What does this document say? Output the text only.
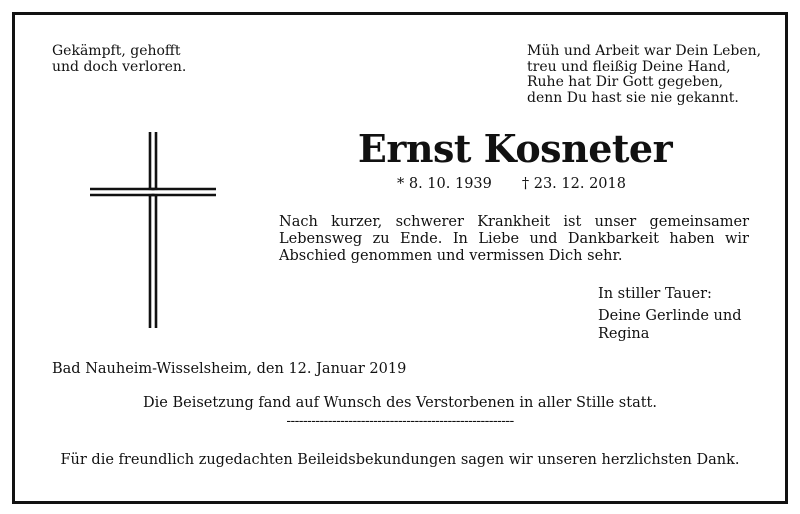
Gekämpft, gehofft
und doch verloren.
Müh und Arbeit war Dein Leben,
treu und fleißig Deine Hand,
Ruhe hat Dir Gott gegeben,
denn Du hast sie nie gekannt.
Ernst Kosneter
* 8. 10. 1939 † 23. 12. 2018
Nach kurzer, schwerer Krankheit ist unser gemeinsamer
Lebensweg zu Ende. In Liebe und Dankbarkeit haben wir
Abschied genommen und vermissen Dich sehr.
In stiller Tauer:
Deine Gerlinde und
Regina
Bad Nauheim-Wisselsheim, den 12. Januar 2019
Die Beisetzung fand auf Wunsch des Verstorbenen in aller Stille statt.
-------------------------------------------------------
Für die freundlich zugedachten Beileidsbekundungen sagen wir unseren herzlichsten Dank.
